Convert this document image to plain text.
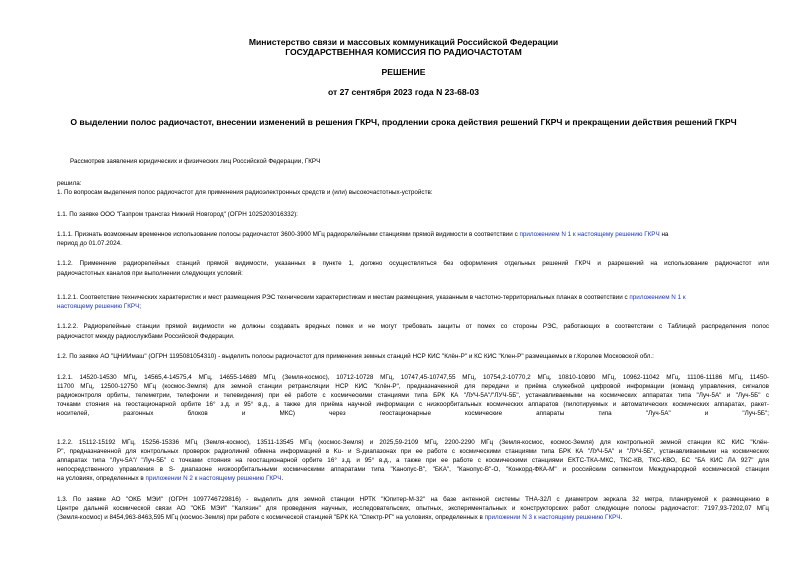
Министерство связи и массовых коммуникаций Российской Федерации
ГОСУДАРСТВЕННАЯ КОМИССИЯ ПО РАДИОЧАСТОТАМ
РЕШЕНИЕ
от 27 сентября 2023 года N 23-68-03
О выделении полос радиочастот, внесении изменений в решения ГКРЧ, продлении срока действия решений ГКРЧ и прекращении действия решений ГКРЧ
Рассмотрев заявления юридических и физических лиц Российской Федерации, ГКРЧ
решила:
1. По вопросам выделения полос радиочастот для применения радиоэлектронных средств и (или) высокочастотных-устройств:
1.1. По заявке ООО "Газпром трансгаз Нижний Новгород" (ОГРН 1025203016332):
1.1.1. Признать возможным временное использование полосы радиочастот 3600-3900 МГц радиорелейными станциями прямой видимости в соответствии с приложением N 1 к настоящему решению ГКРЧ на
период до 01.07.2024.
1.1.2. Применение радиорелейных станций прямой видимости, указанных в пункте 1, должно осуществляться без оформления отдельных решений ГКРЧ и разрешений на использование радиочастот или
радиочастотных каналов при выполнении следующих условий:
1.1.2.1. Соответствие технических характеристик и мест размещения РЭС техническим характеристикам и местам размещения, указанным в частотно-территориальных планах в соответствии с приложением N 1 к
настоящему решению ГКРЧ;
1.1.2.2. Радиорелейные станции прямой видимости не должны создавать вредных помех и не могут требовать защиты от помех со стороны РЭС, работающих в соответствии с Таблицей распределения полос
радиочастот между радиослужбами Российской Федерации.
1.2. По заявке АО "ЦНИИмаш" (ОГРН 1195081054310) - выделить полосы радиочастот для применения земных станций НСР КИС "Клён-Р" и КС КИС "Клен-Р" размещаемых в г.Королев Московской обл.:
1.2.1. 14520-14530 МГц, 14565,4-14575,4 МГц, 14655-14689 МГц (Земля-космос), 10712-10728 МГц, 10747,45-10747,55 МГц, 10754,2-10770,2 МГц, 10810-10890 МГц, 10962-11042 МГц, 11106-11186 МГц, 11450-
11700 МГц, 12500-12750 МГц (космос-Земля) для земной станции ретрансляции НСР КИС "Клён-Р", предназначенной для передачи и приёма служебной цифровой информации (команд управления, сигналов
радиоконтроля орбиты, телеметрии, телефонии и телевидения) при её работе с космическими станциями типа БРК КА "ЛУЧ-5А"/"ЛУЧ-5Б", устанавливаемыми на космических аппаратах типа "Луч-5А" и "Луч-5Б" с
точками стояния на геостационарной орбите 16° з.д. и 95° в.д., а также для приёма научной информации с низкоорбитальных космических аппаратов (пилотируемых и автоматических космических аппаратах, ракет-
носителей, разгонных блоков и МКС) через геостационарные космические аппараты типа "Луч-5А" и "Луч-5Б";
1.2.2. 15112-15192 МГц, 15256-15336 МГц (Земля-космос), 13511-13545 МГц (космос-Земля) и 2025,59-2109 МГц, 2200-2290 МГц (Земля-космос, космос-Земля) для контрольной земной станции КС КИС "Клён-
Р", предназначенной для контрольных проверок радиолиний обмена информацией в Ku- и S-диапазонах при ее работе с космическими станциями типа БРК КА "ЛУЧ-5А" и "ЛУЧ-5Б", устанавливаемыми на космических
аппаратах типа "Луч-5А"/ "Луч-5Б" с точками стояния на геостационарной орбите 16° з.д. и 95° в.д., а также при ее работе с космическими станциями ЕКТС-ТКА-МКС, ТКС-КВ, ТКС-КВО, БС "БА КИС ЛА 927" для
непосредственного управления в S- диапазоне низкоорбитальными космическими аппаратами типа "Канопус-В", "БКА", "Канопус-В"-О, "Конкорд-ФКА-М" и российским сегментом Международной космической станции
на условиях, определенных в приложении N 2 к настоящему решению ГКРЧ.
1.3. По заявке АО "ОКБ МЭИ" (ОГРН 1097746729816) - выделить для земной станции НРТК "Юпитер-М-32" на базе антенной системы ТНА-32Л с диаметром зеркала 32 метра, планируемой к размещению в
Центре дальней космической связи АО "ОКБ МЭИ" "Калязин" для проведения научных, исследовательских, опытных, экспериментальных и конструкторских работ следующие полосы радиочастот: 7197,93-7202,07 МГц
(Земля-космос) и 8454,963-8463,595 МГц (космос-Земля) при работе с космической станцией "БРК КА "Спектр-РГ" на условиях, определенных в приложении N 3 к настоящему решению ГКРЧ.
